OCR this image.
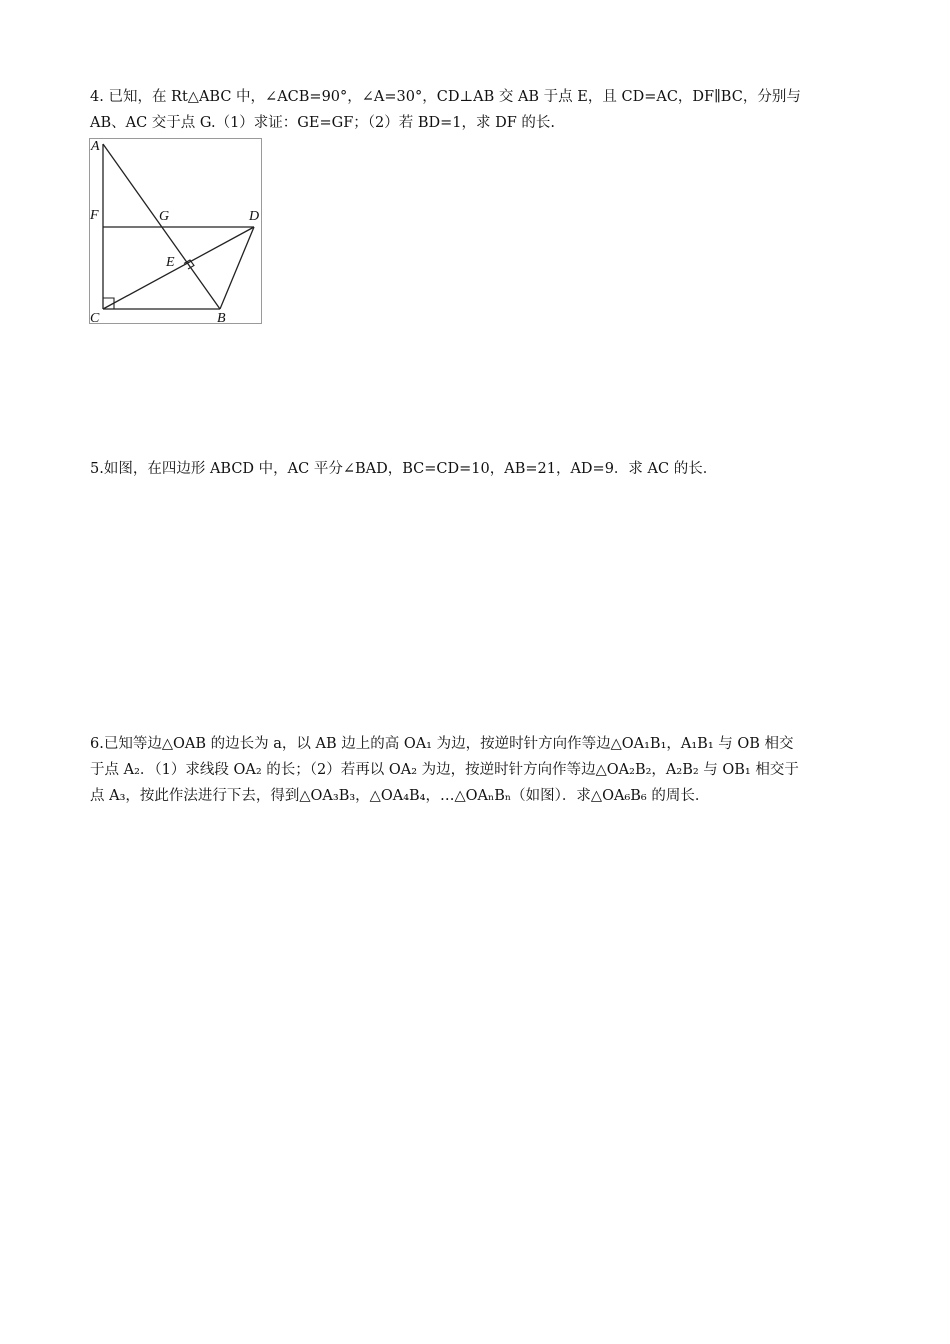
4. 已知，在 Rt△ABC 中，∠ACB=90°，∠A=30°，CD⊥AB 交 AB 于点 E，且 CD=AC，DF∥BC，分别与
AB、AC 交于点 G.（1）求证：GE=GF；（2）若 BD=1，求 DF 的长.
A
F	G	D
E
C	B
5.如图，在四边形 ABCD 中，AC 平分∠BAD，BC=CD=10，AB=21，AD=9．求 AC 的长．
6.已知等边△OAB 的边长为 a，以 AB 边上的高 OA₁ 为边，按逆时针方向作等边△OA₁B₁，A₁B₁ 与 OB 相交
于点 A₂．（1）求线段 OA₂ 的长；（2）若再以 OA₂ 为边，按逆时针方向作等边△OA₂B₂，A₂B₂ 与 OB₁ 相交于
点 A₃，按此作法进行下去，得到△OA₃B₃，△OA₄B₄，…△OAₙBₙ（如图）．求△OA₆B₆ 的周长．
